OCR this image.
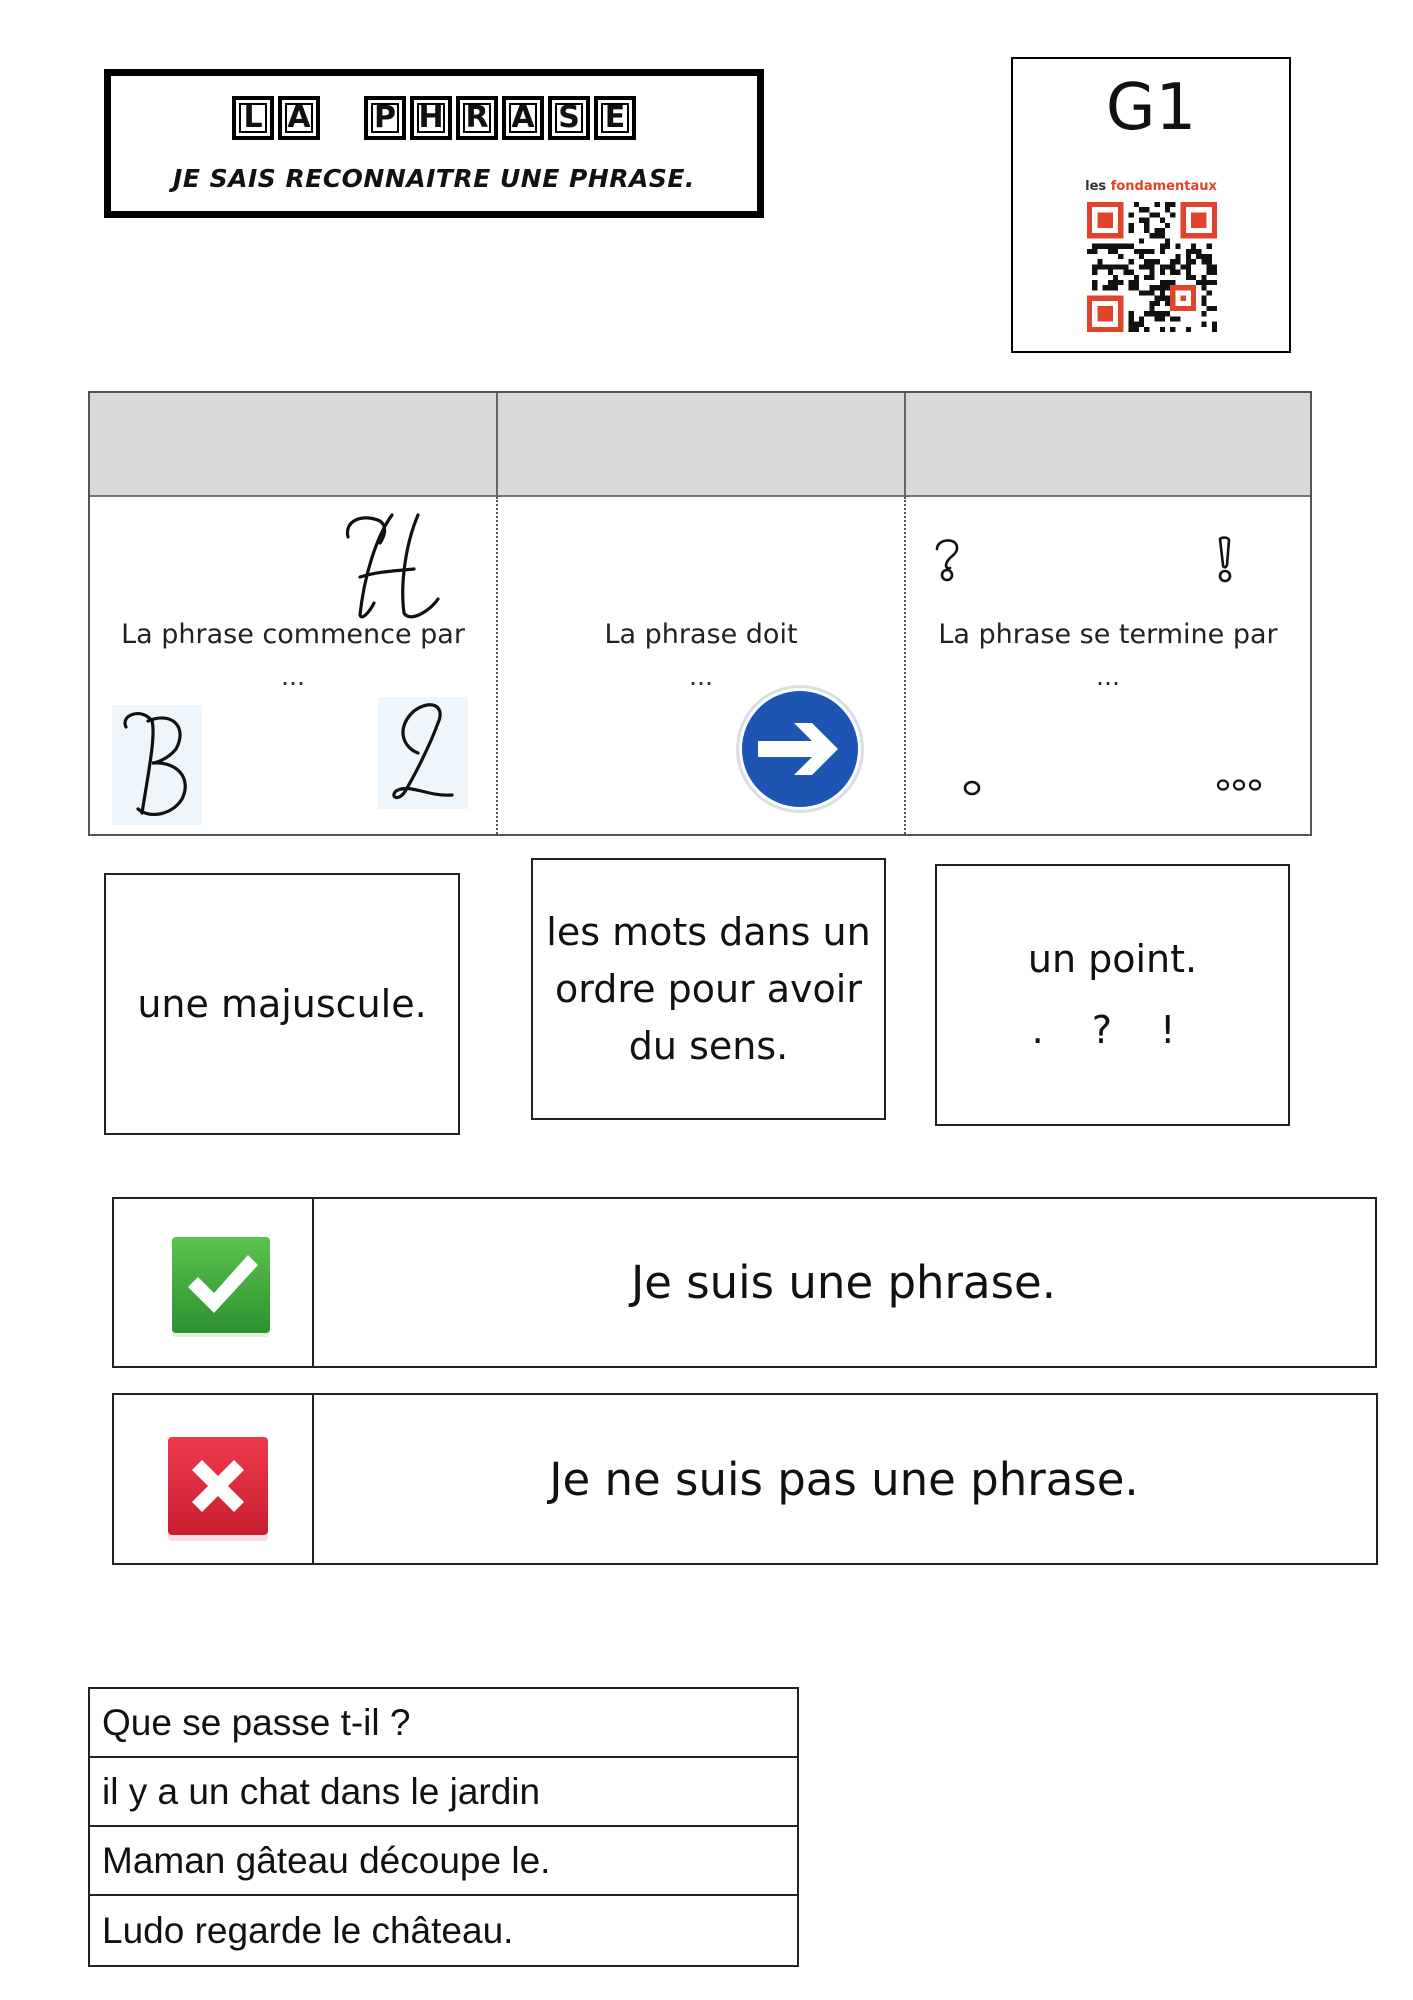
L A	P H R A S E
JE SAIS RECONNAITRE UNE PHRASE.
G1
les fondamentaux
La phrase commence par
…
La phrase doit
…
La phrase se termine par
…
une majuscule.
les mots dans un
ordre pour avoir
du sens.
un point.
. ? !
Je suis une phrase.
Je ne suis pas une phrase.
Que se passe t-il ?
il y a un chat dans le jardin
Maman gâteau découpe le.
Ludo regarde le château.
